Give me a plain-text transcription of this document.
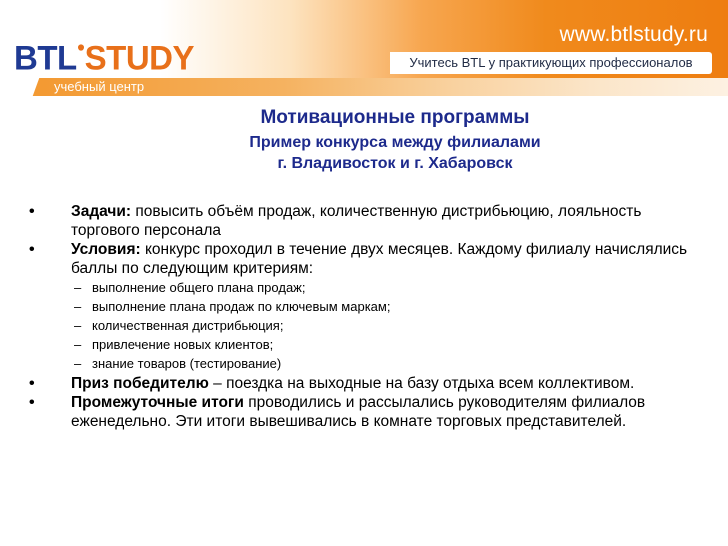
BTL STUDY
www.btlstudy.ru
Учитесь BTL у практикующих профессионалов
учебный центр
Мотивационные программы
Пример конкурса между филиалами
г. Владивосток и г. Хабаровск
• Задачи: повысить объём продаж, количественную дистрибьюцию, лояльность торгового персонала
• Условия: конкурс проходил в течение двух месяцев. Каждому филиалу начислялись баллы по следующим критериям:
– выполнение общего плана продаж;
– выполнение плана продаж по ключевым маркам;
– количественная дистрибьюция;
– привлечение новых клиентов;
– знание товаров (тестирование)
• Приз победителю – поездка на выходные на базу отдыха всем коллективом.
• Промежуточные итоги проводились и рассылались руководителям филиалов еженедельно. Эти итоги вывешивались в комнате торговых представителей.
